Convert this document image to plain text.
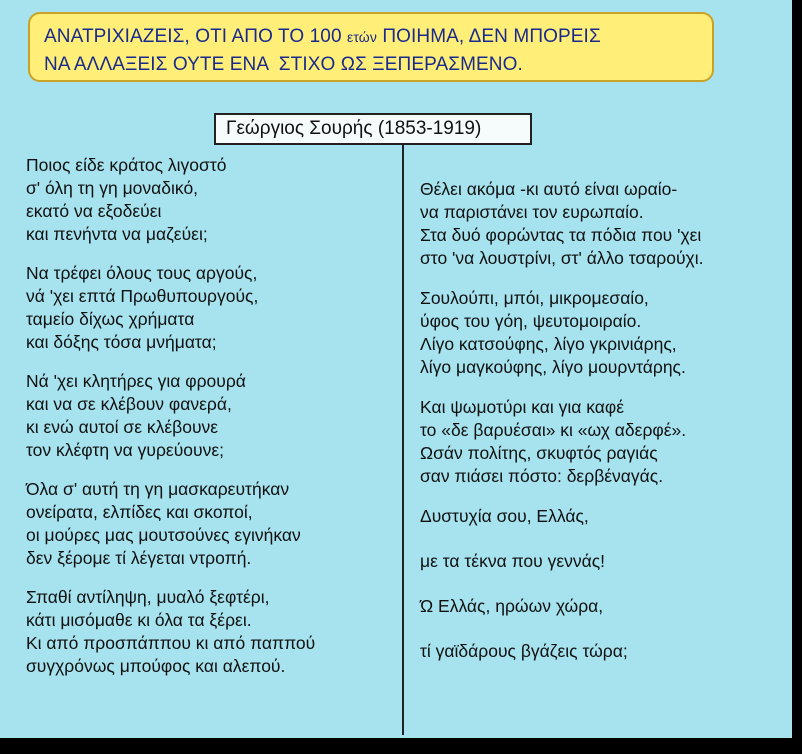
ΑΝΑΤΡΙΧΙΑΖΕΙΣ, ΟΤΙ ΑΠΟ ΤΟ 100 ετών ΠΟΙΗΜΑ, ΔΕΝ ΜΠΟΡΕΙΣ
ΝΑ ΑΛΛΑΞΕΙΣ ΟΥΤΕ ΕΝΑ  ΣΤΙΧΟ ΩΣ ΞΕΠΕΡΑΣΜΕΝΟ.
Γεώργιος Σουρής (1853-1919)
Ποιος είδε κράτος λιγοστό
σ' όλη τη γη μοναδικό,
εκατό να εξοδεύει
και πενήντα να μαζεύει;
Να τρέφει όλους τους αργούς,
νά 'χει επτά Πρωθυπουργούς,
ταμείο δίχως χρήματα
και δόξης τόσα μνήματα;
Νά 'χει κλητήρες για φρουρά
και να σε κλέβουν φανερά,
κι ενώ αυτοί σε κλέβουνε
τον κλέφτη να γυρεύουνε;
Όλα σ' αυτή τη γη μασκαρευτήκαν
ονείρατα, ελπίδες και σκοποί,
οι μούρες μας μουτσούνες εγινήκαν
δεν ξέρομε τί λέγεται ντροπή.
Σπαθί αντίληψη, μυαλό ξεφτέρι,
κάτι μισόμαθε κι όλα τα ξέρει.
Κι από προσπάππου κι από παππού
συγχρόνως μπούφος και αλεπού.
Θέλει ακόμα -κι αυτό είναι ωραίο-
να παριστάνει τον ευρωπαίο.
Στα δυό φορώντας τα πόδια που 'χει
στο 'να λουστρίνι, στ' άλλο τσαρούχι.
Σουλούπι, μπόι, μικρομεσαίο,
ύφος του γόη, ψευτομοιραίο.
Λίγο κατσούφης, λίγο γκρινιάρης,
λίγο μαγκούφης, λίγο μουρντάρης.
Και ψωμοτύρι και για καφέ
το «δε βαρυέσαι» κι «ωχ αδερφέ».
Ωσάν πολίτης, σκυφτός ραγιάς
σαν πιάσει πόστο: δερβέναγάς.
Δυστυχία σου, Ελλάς,
με τα τέκνα που γεννάς!
Ώ Ελλάς, ηρώων χώρα,
τί γαϊδάρους βγάζεις τώρα;
